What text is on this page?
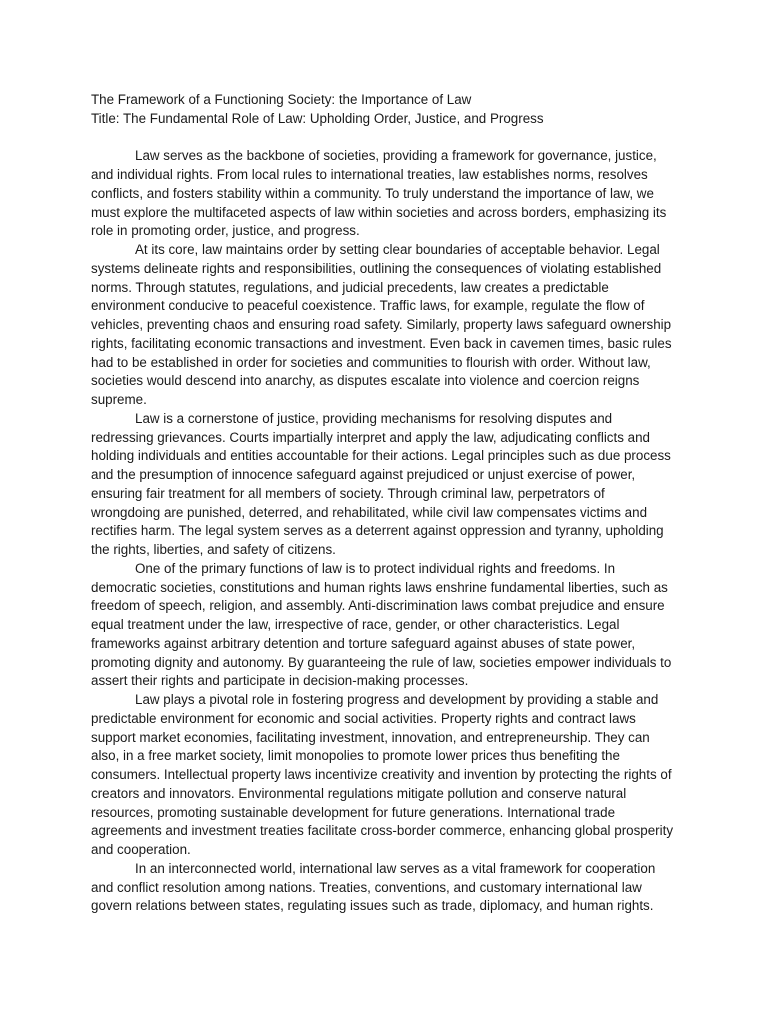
The Framework of a Functioning Society: the Importance of Law

Title: The Fundamental Role of Law: Upholding Order, Justice, and Progress

Law serves as the backbone of societies, providing a framework for governance, justice, and individual rights. From local rules to international treaties, law establishes norms, resolves conflicts, and fosters stability within a community. To truly understand the importance of law, we must explore the multifaceted aspects of law within societies and across borders, emphasizing its role in promoting order, justice, and progress.

At its core, law maintains order by setting clear boundaries of acceptable behavior. Legal systems delineate rights and responsibilities, outlining the consequences of violating established norms. Through statutes, regulations, and judicial precedents, law creates a predictable environment conducive to peaceful coexistence. Traffic laws, for example, regulate the flow of vehicles, preventing chaos and ensuring road safety. Similarly, property laws safeguard ownership rights, facilitating economic transactions and investment. Even back in cavemen times, basic rules had to be established in order for societies and communities to flourish with order. Without law, societies would descend into anarchy, as disputes escalate into violence and coercion reigns supreme.

Law is a cornerstone of justice, providing mechanisms for resolving disputes and redressing grievances. Courts impartially interpret and apply the law, adjudicating conflicts and holding individuals and entities accountable for their actions. Legal principles such as due process and the presumption of innocence safeguard against prejudiced or unjust exercise of power, ensuring fair treatment for all members of society. Through criminal law, perpetrators of wrongdoing are punished, deterred, and rehabilitated, while civil law compensates victims and rectifies harm. The legal system serves as a deterrent against oppression and tyranny, upholding the rights, liberties, and safety of citizens.

One of the primary functions of law is to protect individual rights and freedoms. In democratic societies, constitutions and human rights laws enshrine fundamental liberties, such as freedom of speech, religion, and assembly. Anti-discrimination laws combat prejudice and ensure equal treatment under the law, irrespective of race, gender, or other characteristics. Legal frameworks against arbitrary detention and torture safeguard against abuses of state power, promoting dignity and autonomy. By guaranteeing the rule of law, societies empower individuals to assert their rights and participate in decision-making processes.

Law plays a pivotal role in fostering progress and development by providing a stable and predictable environment for economic and social activities. Property rights and contract laws support market economies, facilitating investment, innovation, and entrepreneurship. They can also, in a free market society, limit monopolies to promote lower prices thus benefiting the consumers. Intellectual property laws incentivize creativity and invention by protecting the rights of creators and innovators. Environmental regulations mitigate pollution and conserve natural resources, promoting sustainable development for future generations. International trade agreements and investment treaties facilitate cross-border commerce, enhancing global prosperity and cooperation.

In an interconnected world, international law serves as a vital framework for cooperation and conflict resolution among nations. Treaties, conventions, and customary international law govern relations between states, regulating issues such as trade, diplomacy, and human rights.
